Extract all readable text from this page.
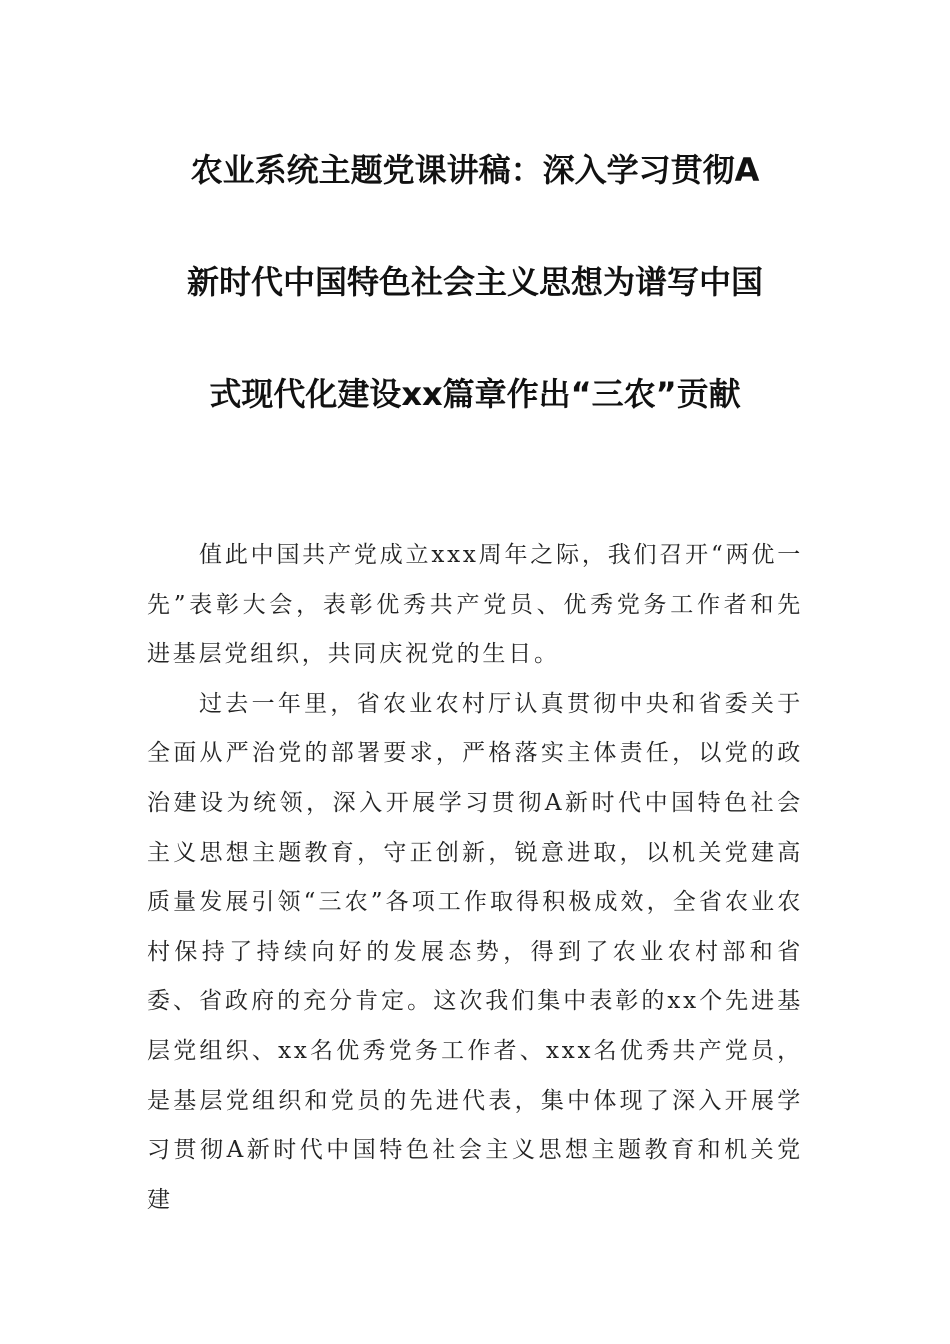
农业系统主题党课讲稿：深入学习贯彻A
新时代中国特色社会主义思想为谱写中国
式现代化建设xx篇章作出“三农”贡献

值此中国共产党成立xxx周年之际，我们召开“两优一先”表彰大会，表彰优秀共产党员、优秀党务工作者和先进基层党组织，共同庆祝党的生日。

过去一年里，省农业农村厅认真贯彻中央和省委关于全面从严治党的部署要求，严格落实主体责任，以党的政治建设为统领，深入开展学习贯彻A新时代中国特色社会主义思想主题教育，守正创新，锐意进取，以机关党建高质量发展引领“三农”各项工作取得积极成效，全省农业农村保持了持续向好的发展态势，得到了农业农村部和省委、省政府的充分肯定。这次我们集中表彰的xx个先进基层党组织、xx名优秀党务工作者、xxx名优秀共产党员，是基层党组织和党员的先进代表，集中体现了深入开展学习贯彻A新时代中国特色社会主义思想主题教育和机关党建
